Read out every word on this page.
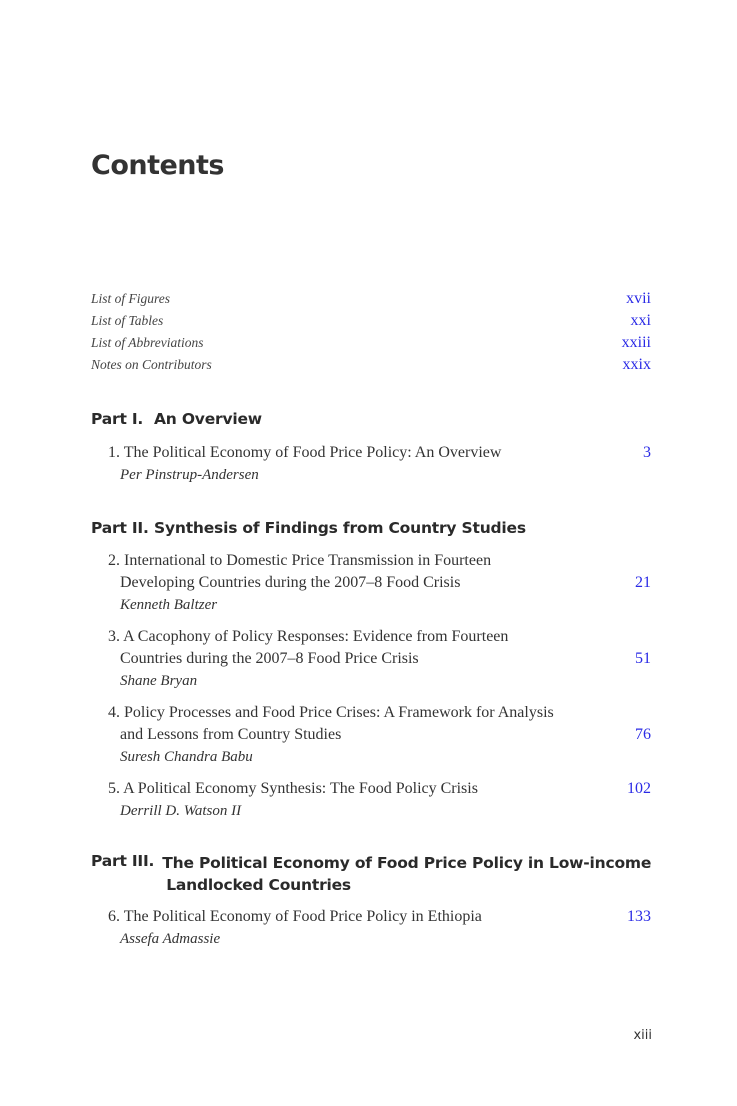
Contents
List of Figures	xvii
List of Tables	xxi
List of Abbreviations	xxiii
Notes on Contributors	xxix
Part I. An Overview
1. The Political Economy of Food Price Policy: An Overview	3
Per Pinstrup-Andersen
Part II. Synthesis of Findings from Country Studies
2. International to Domestic Price Transmission in Fourteen
Developing Countries during the 2007–8 Food Crisis	21
Kenneth Baltzer
3. A Cacophony of Policy Responses: Evidence from Fourteen
Countries during the 2007–8 Food Price Crisis	51
Shane Bryan
4. Policy Processes and Food Price Crises: A Framework for Analysis
and Lessons from Country Studies	76
Suresh Chandra Babu
5. A Political Economy Synthesis: The Food Policy Crisis	102
Derrill D. Watson II
Part III. The Political Economy of Food Price Policy in Low-income
Landlocked Countries
6. The Political Economy of Food Price Policy in Ethiopia	133
Assefa Admassie
xiii
